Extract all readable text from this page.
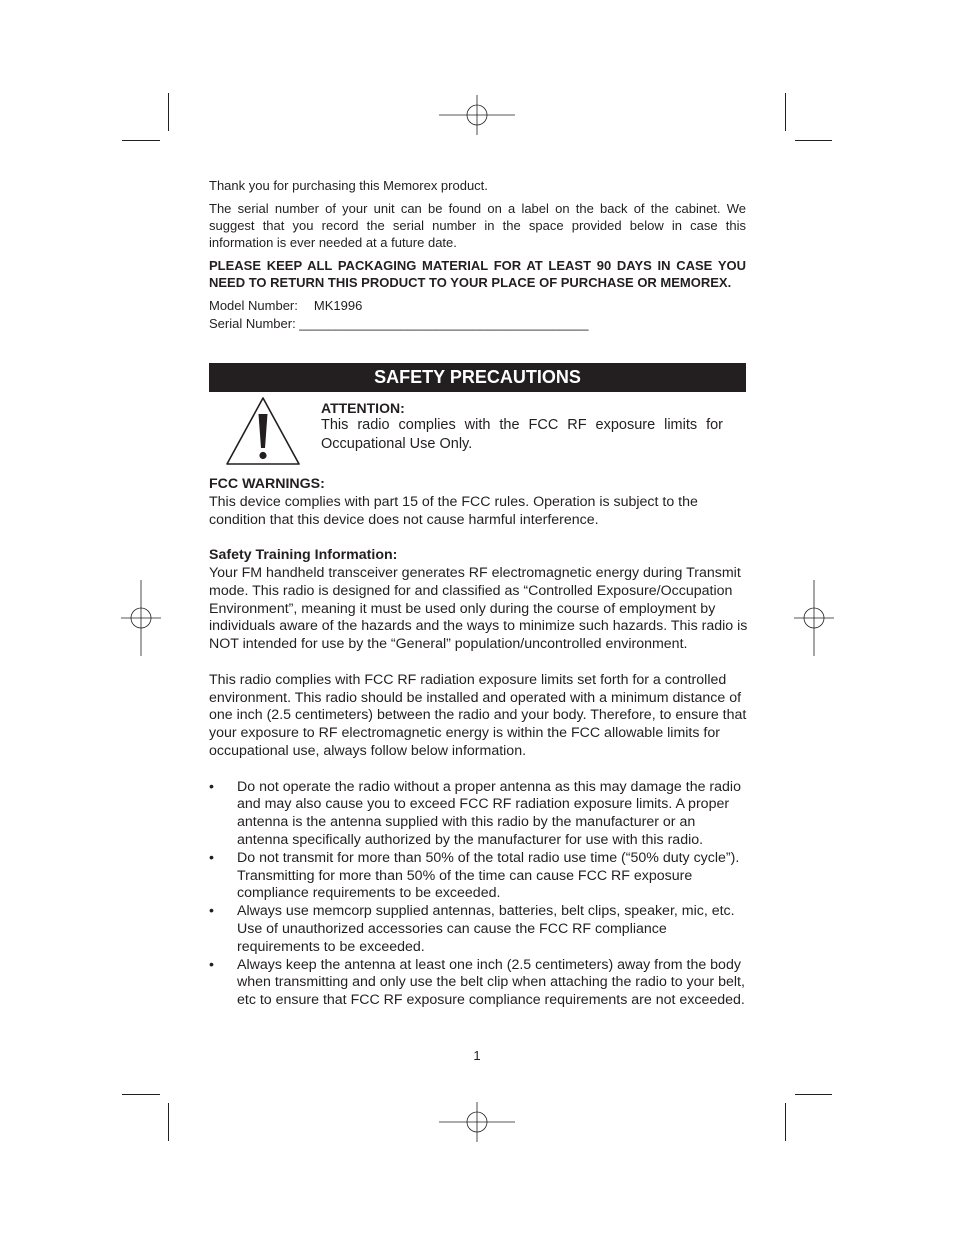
Thank you for purchasing this Memorex product.

The serial number of your unit can be found on a label on the back of the cabinet. We suggest that you record the serial number in the space provided below in case this information is ever needed at a future date.

PLEASE KEEP ALL PACKAGING MATERIAL FOR AT LEAST 90 DAYS IN CASE YOU NEED TO RETURN THIS PRODUCT TO YOUR PLACE OF PURCHASE OR MEMOREX.

Model Number: MK1996

Serial Number: ________________________________________

SAFETY PRECAUTIONS
ATTENTION:
This radio complies with the FCC RF exposure limits for Occupational Use Only.

FCC WARNINGS:

This device complies with part 15 of the FCC rules. Operation is subject to the condition that this device does not cause harmful interference.

Safety Training Information:

Your FM handheld transceiver generates RF electromagnetic energy during Transmit mode. This radio is designed for and classified as “Controlled Exposure/Occupation Environment”, meaning it must be used only during the course of employment by individuals aware of the hazards and the ways to minimize such hazards. This radio is NOT intended for use by the “General” population/uncontrolled environment.

This radio complies with FCC RF radiation exposure limits set forth for a controlled environment. This radio should be installed and operated with a minimum distance of one inch (2.5 centimeters) between the radio and your body. Therefore, to ensure that your exposure to RF electromagnetic energy is within the FCC allowable limits for occupational use, always follow below information.

• Do not operate the radio without a proper antenna as this may damage the radio and may also cause you to exceed FCC RF radiation exposure limits. A proper antenna is the antenna supplied with this radio by the manufacturer or an antenna specifically authorized by the manufacturer for use with this radio.
• Do not transmit for more than 50% of the total radio use time (“50% duty cycle”). Transmitting for more than 50% of the time can cause FCC RF exposure compliance requirements to be exceeded.
• Always use memcorp supplied antennas, batteries, belt clips, speaker, mic, etc. Use of unauthorized accessories can cause the FCC RF compliance requirements to be exceeded.
• Always keep the antenna at least one inch (2.5 centimeters) away from the body when transmitting and only use the belt clip when attaching the radio to your belt, etc to ensure that FCC RF exposure compliance requirements are not exceeded.
1
